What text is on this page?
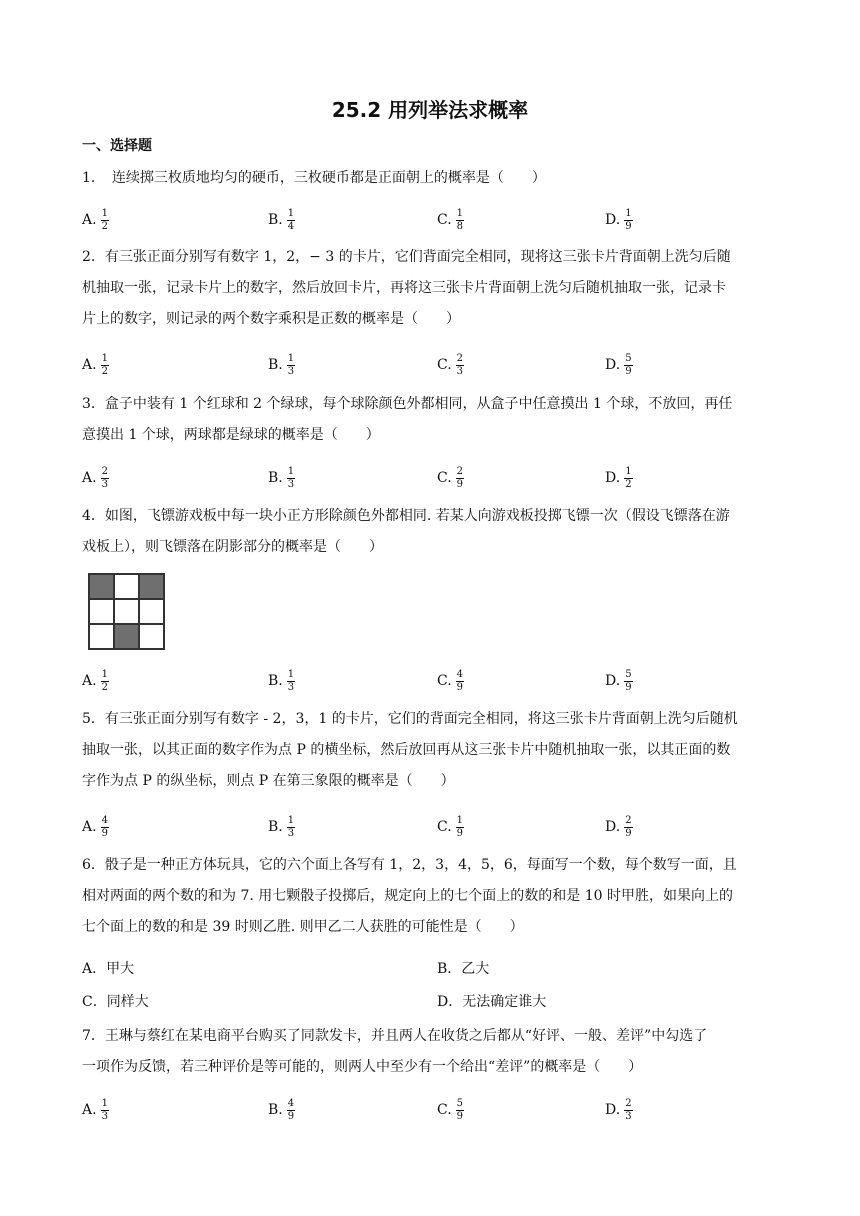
25.2 用列举法求概率
一、选择题
1．　连续掷三枚质地均匀的硬币，三枚硬币都是正面朝上的概率是（　　）
A. $\frac{1}{2}$	B. $\frac{1}{4}$	C. $\frac{1}{8}$	D. $\frac{1}{9}$
2．有三张正面分别写有数字 1，2，− 3 的卡片，它们背面完全相同，现将这三张卡片背面朝上洗匀后随
机抽取一张，记录卡片上的数字，然后放回卡片，再将这三张卡片背面朝上洗匀后随机抽取一张，记录卡
片上的数字，则记录的两个数字乘积是正数的概率是（　　）
A. $\frac{1}{2}$	B. $\frac{1}{3}$	C. $\frac{2}{3}$	D. $\frac{5}{9}$
3．盒子中装有 1 个红球和 2 个绿球，每个球除颜色外都相同，从盒子中任意摸出 1 个球，不放回，再任
意摸出 1 个球，两球都是绿球的概率是（　　）
A. $\frac{2}{3}$	B. $\frac{1}{3}$	C. $\frac{2}{9}$	D. $\frac{1}{2}$
4．如图，飞镖游戏板中每一块小正方形除颜色外都相同. 若某人向游戏板投掷飞镖一次（假设飞镖落在游
戏板上），则飞镖落在阴影部分的概率是（　　）
A. $\frac{1}{2}$	B. $\frac{1}{3}$	C. $\frac{4}{9}$	D. $\frac{5}{9}$
5．有三张正面分别写有数字 - 2，3，1 的卡片，它们的背面完全相同，将这三张卡片背面朝上洗匀后随机
抽取一张，以其正面的数字作为点 P 的横坐标，然后放回再从这三张卡片中随机抽取一张，以其正面的数
字作为点 P 的纵坐标，则点 P 在第三象限的概率是（　　）
A. $\frac{4}{9}$	B. $\frac{1}{3}$	C. $\frac{1}{9}$	D. $\frac{2}{9}$
6．骰子是一种正方体玩具，它的六个面上各写有 1，2，3，4，5，6，每面写一个数，每个数写一面，且
相对两面的两个数的和为 7. 用七颗骰子投掷后，规定向上的七个面上的数的和是 10 时甲胜，如果向上的
七个面上的数的和是 39 时则乙胜. 则甲乙二人获胜的可能性是（　　）
A．甲大	B．乙大
C．同样大	D．无法确定谁大
7．王琳与蔡红在某电商平台购买了同款发卡，并且两人在收货之后都从“好评、一般、差评”中勾选了
一项作为反馈，若三种评价是等可能的，则两人中至少有一个给出“差评”的概率是（　　）
A. $\frac{1}{3}$	B. $\frac{4}{9}$	C. $\frac{5}{9}$	D. $\frac{2}{3}$
